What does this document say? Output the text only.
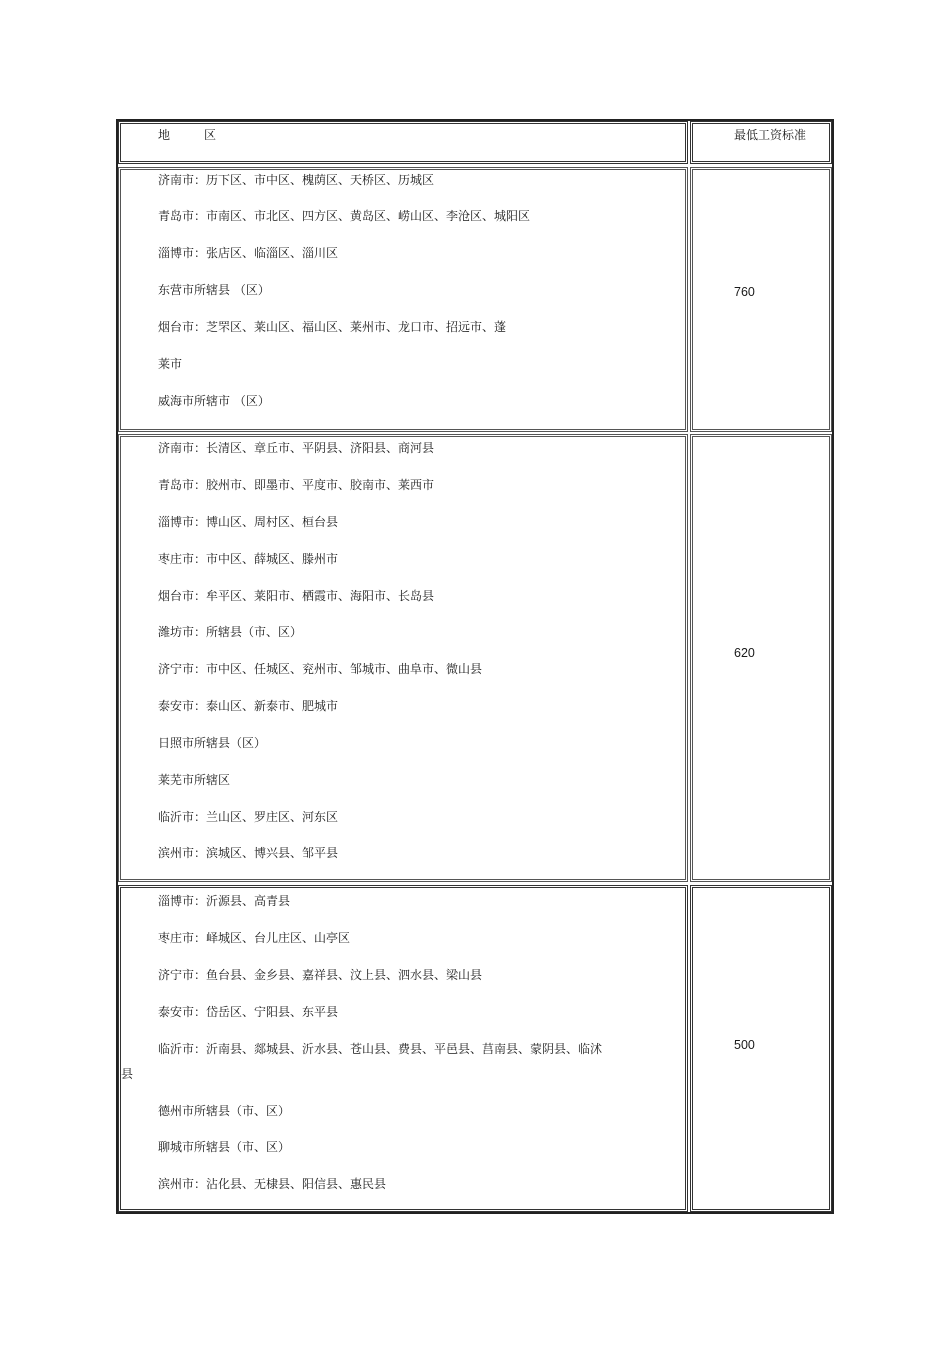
地	区	最低工资标准
济南市：历下区、市中区、槐荫区、天桥区、历城区
青岛市：市南区、市北区、四方区、黄岛区、崂山区、李沧区、城阳区
淄博市：张店区、临淄区、淄川区
东营市所辖县 （区）
烟台市：芝罘区、莱山区、福山区、莱州市、龙口市、招远市、蓬
莱市
威海市所辖市 （区）
760
济南市：长清区、章丘市、平阴县、济阳县、商河县
青岛市：胶州市、即墨市、平度市、胶南市、莱西市
淄博市：博山区、周村区、桓台县
枣庄市：市中区、薛城区、滕州市
烟台市：牟平区、莱阳市、栖霞市、海阳市、长岛县
潍坊市：所辖县（市、区）
济宁市：市中区、任城区、兖州市、邹城市、曲阜市、微山县
泰安市：泰山区、新泰市、肥城市
日照市所辖县（区）
莱芜市所辖区
临沂市：兰山区、罗庄区、河东区
滨州市：滨城区、博兴县、邹平县
620
淄博市：沂源县、高青县
枣庄市：峄城区、台儿庄区、山亭区
济宁市：鱼台县、金乡县、嘉祥县、汶上县、泗水县、梁山县
泰安市：岱岳区、宁阳县、东平县
临沂市：沂南县、郯城县、沂水县、苍山县、费县、平邑县、莒南县、蒙阴县、临沭
县
德州市所辖县（市、区）
聊城市所辖县（市、区）
滨州市：沾化县、无棣县、阳信县、惠民县
500
